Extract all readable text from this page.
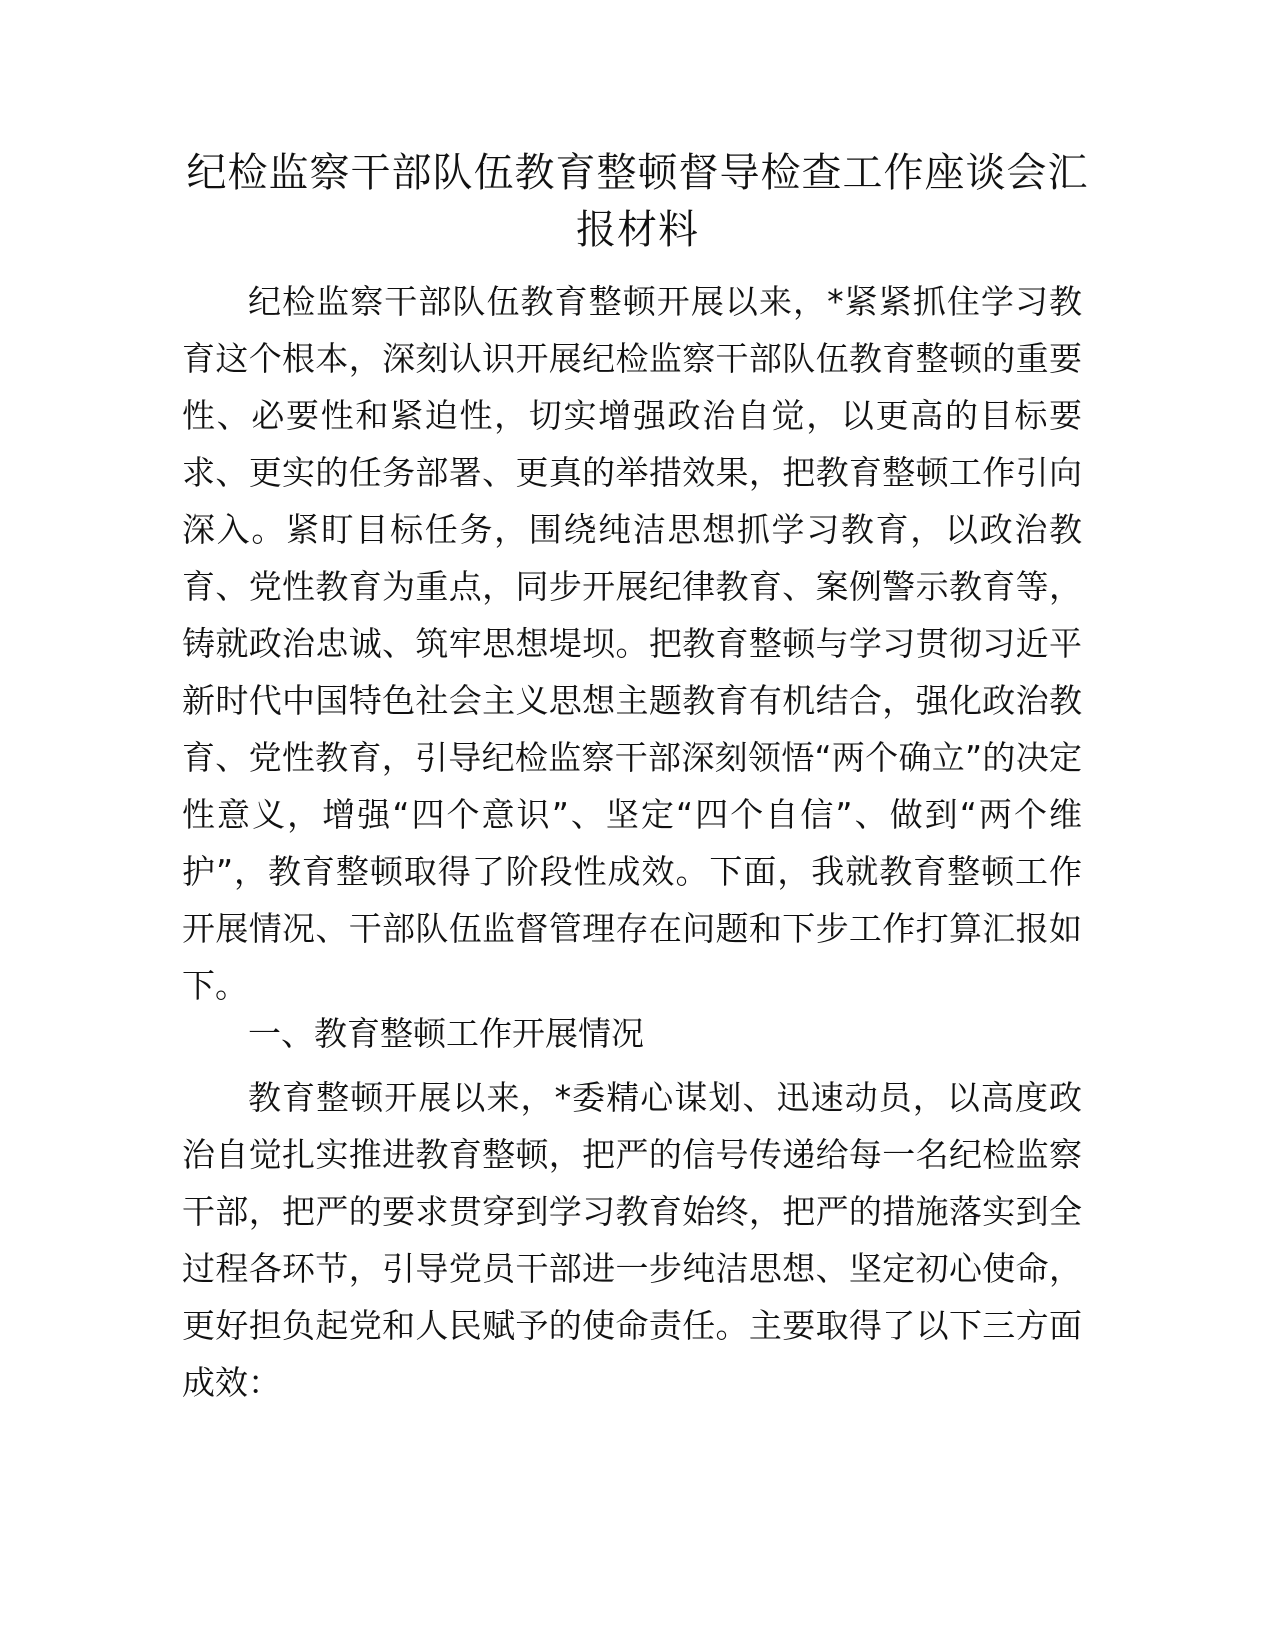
纪检监察干部队伍教育整顿督导检查工作座谈会汇报材料

纪检监察干部队伍教育整顿开展以来，*紧紧抓住学习教育这个根本，深刻认识开展纪检监察干部队伍教育整顿的重要性、必要性和紧迫性，切实增强政治自觉，以更高的目标要求、更实的任务部署、更真的举措效果，把教育整顿工作引向深入。紧盯目标任务，围绕纯洁思想抓学习教育，以政治教育、党性教育为重点，同步开展纪律教育、案例警示教育等，铸就政治忠诚、筑牢思想堤坝。把教育整顿与学习贯彻习近平新时代中国特色社会主义思想主题教育有机结合，强化政治教育、党性教育，引导纪检监察干部深刻领悟“两个确立”的决定性意义，增强“四个意识”、坚定“四个自信”、做到“两个维护”，教育整顿取得了阶段性成效。下面，我就教育整顿工作开展情况、干部队伍监督管理存在问题和下步工作打算汇报如下。

一、教育整顿工作开展情况

教育整顿开展以来，*委精心谋划、迅速动员，以高度政治自觉扎实推进教育整顿，把严的信号传递给每一名纪检监察干部，把严的要求贯穿到学习教育始终，把严的措施落实到全过程各环节，引导党员干部进一步纯洁思想、坚定初心使命，更好担负起党和人民赋予的使命责任。主要取得了以下三方面成效：
